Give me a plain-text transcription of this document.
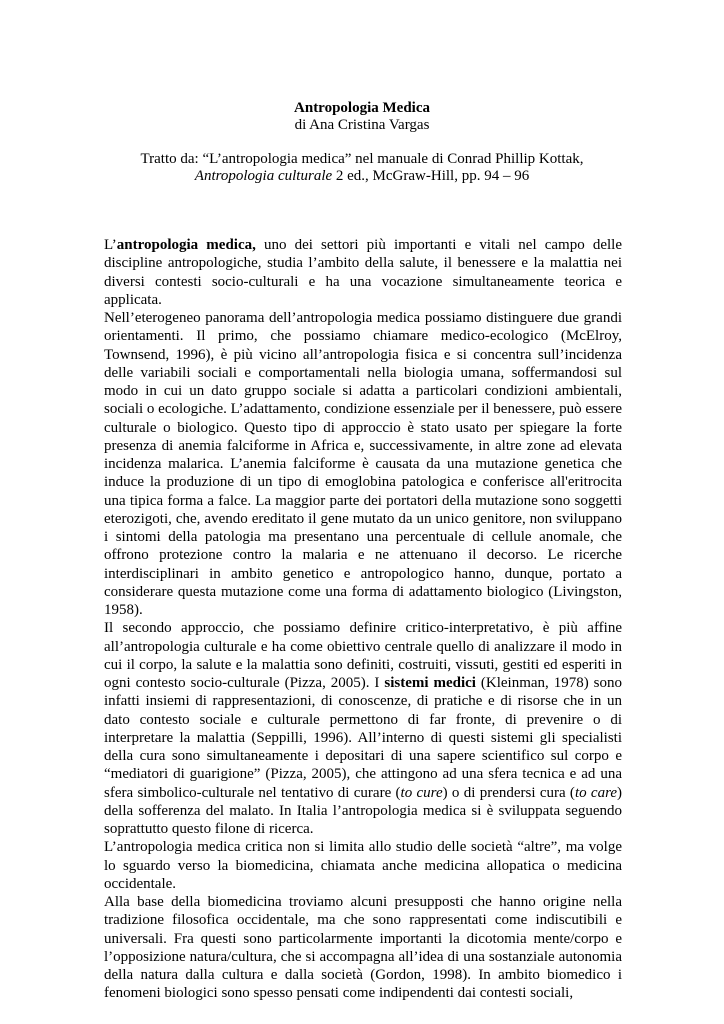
Antropologia Medica
di Ana Cristina Vargas
Tratto da: “L’antropologia medica” nel manuale di Conrad Phillip Kottak, Antropologia culturale 2 ed., McGraw-Hill, pp. 94 – 96

L’antropologia medica, uno dei settori più importanti e vitali nel campo delle discipline antropologiche, studia l’ambito della salute, il benessere e la malattia nei diversi contesti socio-culturali e ha una vocazione simultaneamente teorica e applicata.

Nell’eterogeneo panorama dell’antropologia medica possiamo distinguere due grandi orientamenti. Il primo, che possiamo chiamare medico-ecologico (McElroy, Townsend, 1996), è più vicino all’antropologia fisica e si concentra sull’incidenza delle variabili sociali e comportamentali nella biologia umana, soffermandosi sul modo in cui un dato gruppo sociale si adatta a particolari condizioni ambientali, sociali o ecologiche. L’adattamento, condizione essenziale per il benessere, può essere culturale o biologico. Questo tipo di approccio è stato usato per spiegare la forte presenza di anemia falciforme in Africa e, successivamente, in altre zone ad elevata incidenza malarica. L’anemia falciforme è causata da una mutazione genetica che induce la produzione di un tipo di emoglobina patologica e conferisce all'eritrocita una tipica forma a falce. La maggior parte dei portatori della mutazione sono soggetti eterozigoti, che, avendo ereditato il gene mutato da un unico genitore, non sviluppano i sintomi della patologia ma presentano una percentuale di cellule anomale, che offrono protezione contro la malaria e ne attenuano il decorso. Le ricerche interdisciplinari in ambito genetico e antropologico hanno, dunque, portato a considerare questa mutazione come una forma di adattamento biologico (Livingston, 1958).

Il secondo approccio, che possiamo definire critico-interpretativo, è più affine all’antropologia culturale e ha come obiettivo centrale quello di analizzare il modo in cui il corpo, la salute e la malattia sono definiti, costruiti, vissuti, gestiti ed esperiti in ogni contesto socio-culturale (Pizza, 2005). I sistemi medici (Kleinman, 1978) sono infatti insiemi di rappresentazioni, di conoscenze, di pratiche e di risorse che in un dato contesto sociale e culturale permettono di far fronte, di prevenire o di interpretare la malattia (Seppilli, 1996). All’interno di questi sistemi gli specialisti della cura sono simultaneamente i depositari di una sapere scientifico sul corpo e “mediatori di guarigione” (Pizza, 2005), che attingono ad una sfera tecnica e ad una sfera simbolico-culturale nel tentativo di curare (to cure) o di prendersi cura (to care) della sofferenza del malato. In Italia l’antropologia medica si è sviluppata seguendo soprattutto questo filone di ricerca.

L’antropologia medica critica non si limita allo studio delle società “altre”, ma volge lo sguardo verso la biomedicina, chiamata anche medicina allopatica o medicina occidentale.

Alla base della biomedicina troviamo alcuni presupposti che hanno origine nella tradizione filosofica occidentale, ma che sono rappresentati come indiscutibili e universali. Fra questi sono particolarmente importanti la dicotomia mente/corpo e l’opposizione natura/cultura, che si accompagna all’idea di una sostanziale autonomia della natura dalla cultura e dalla società (Gordon, 1998). In ambito biomedico i fenomeni biologici sono spesso pensati come indipendenti dai contesti sociali,
